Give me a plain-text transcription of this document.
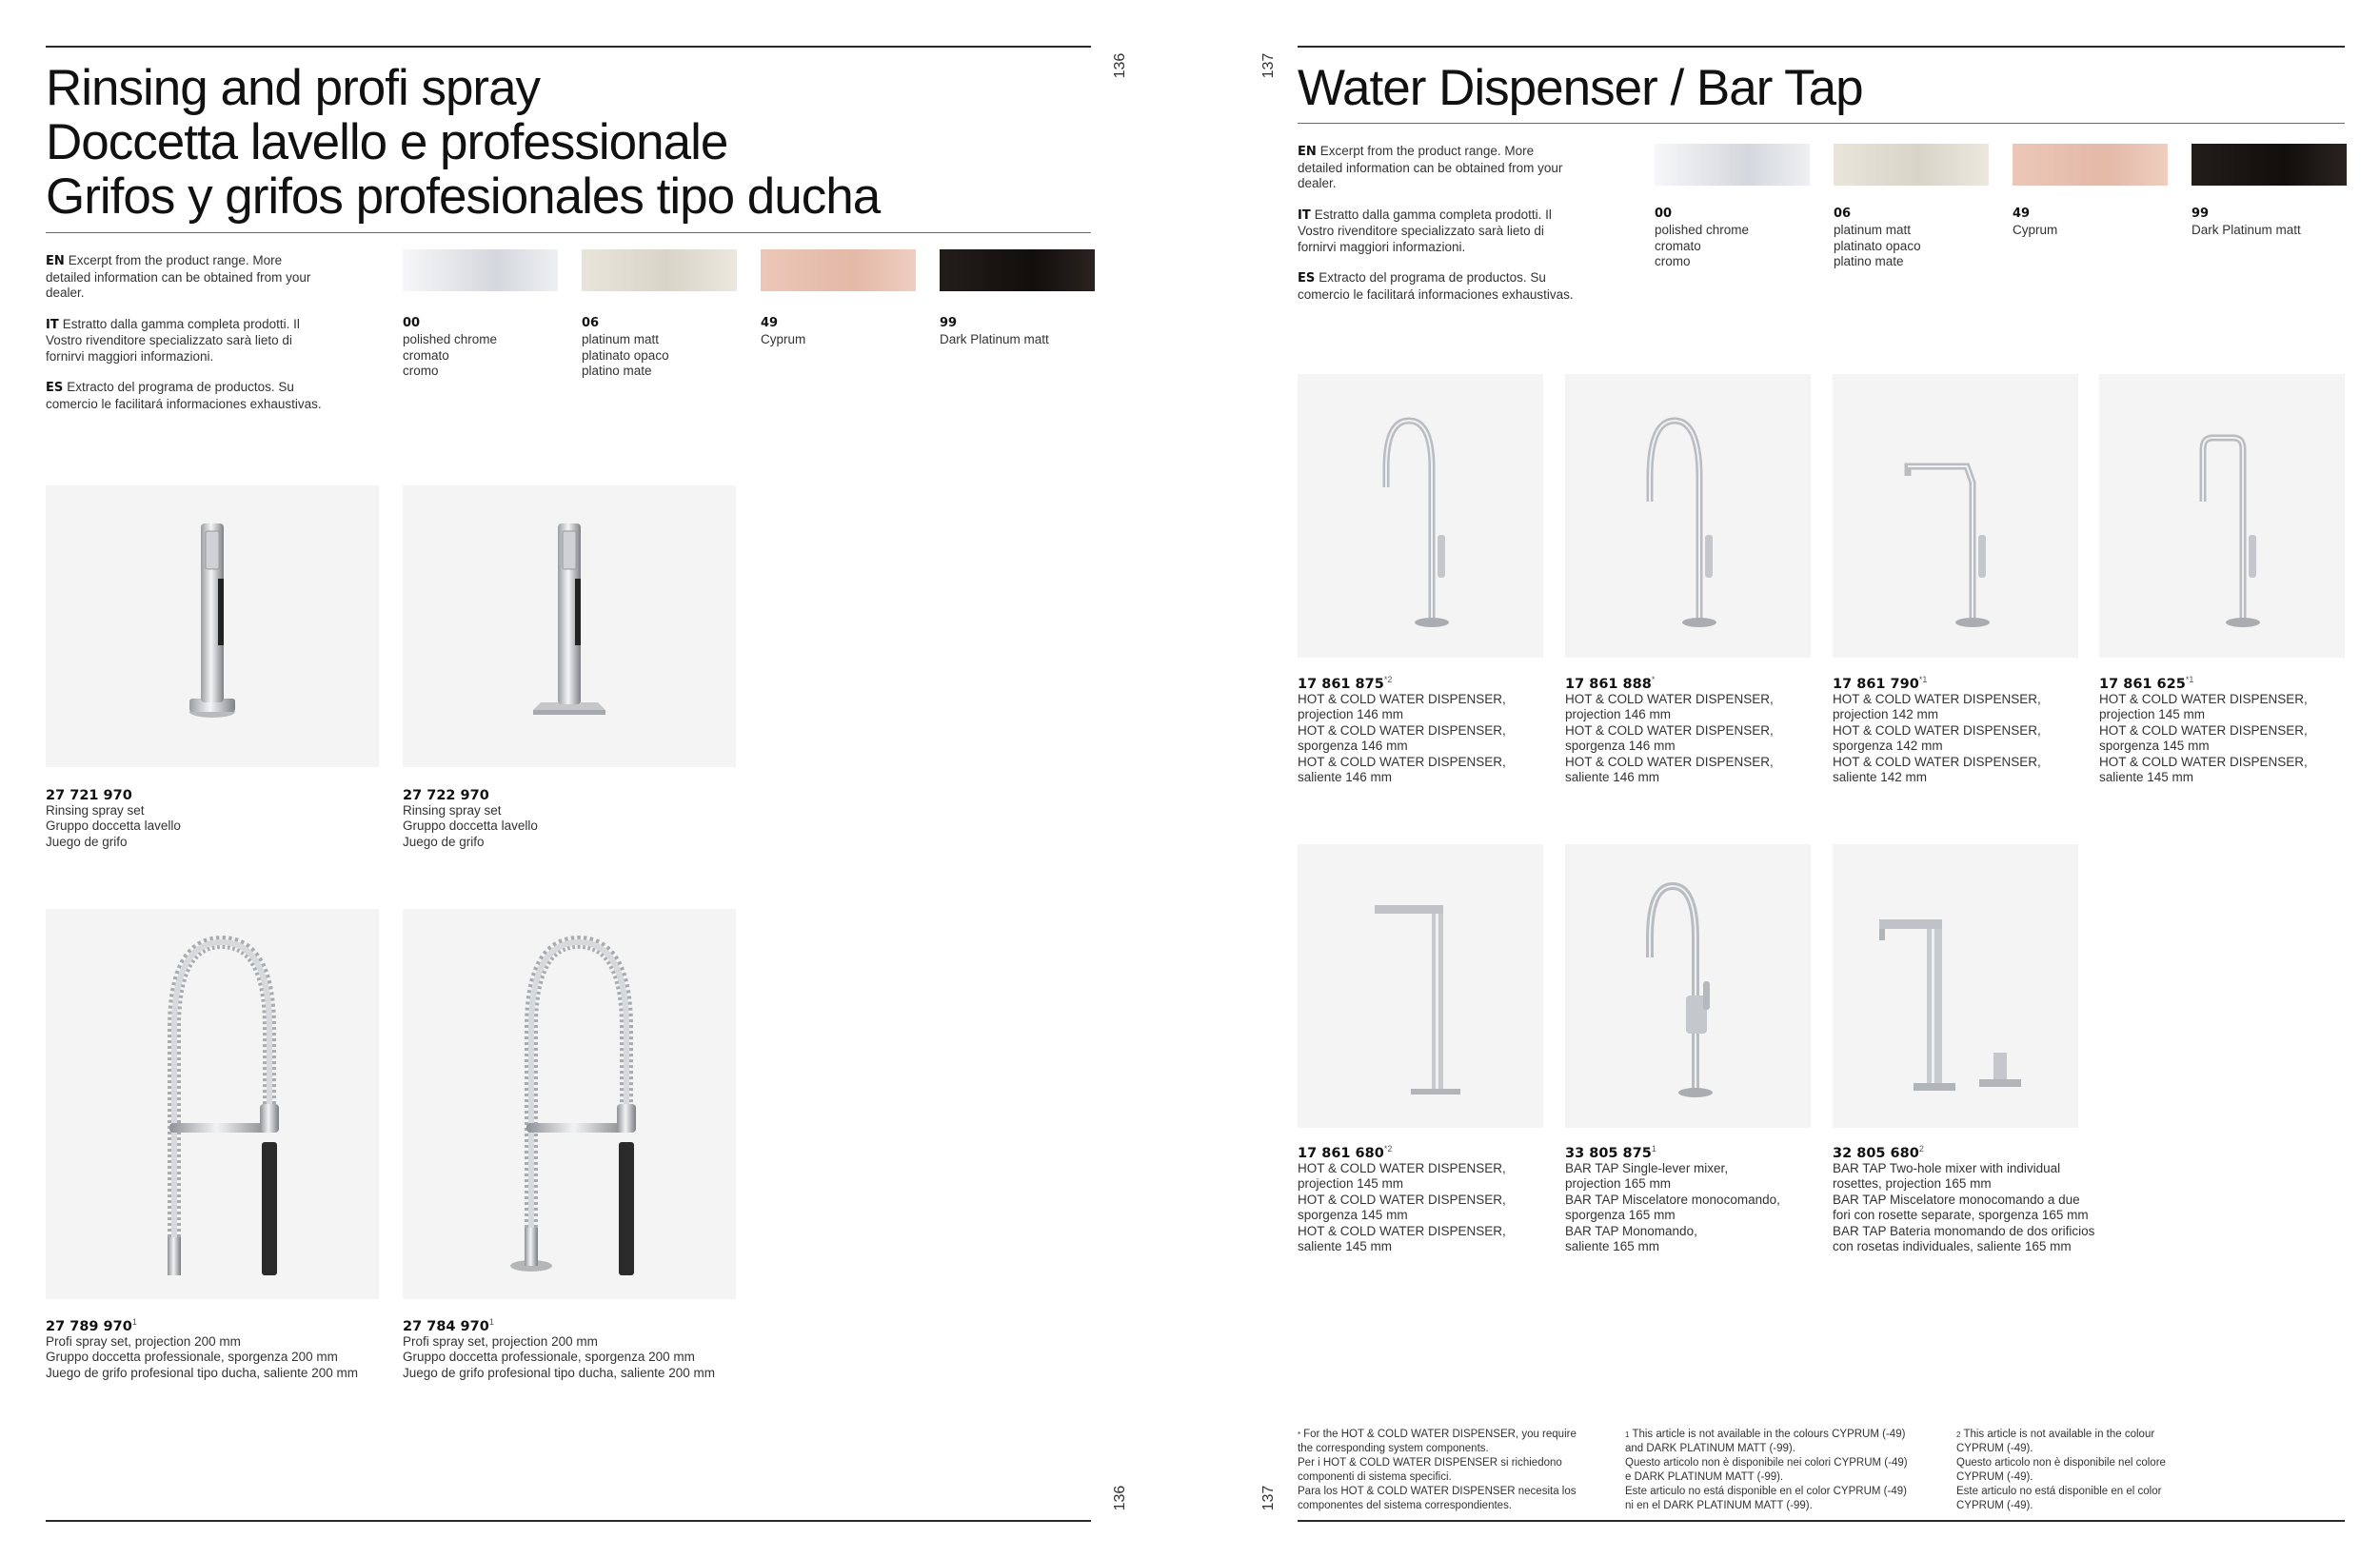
136
Rinsing and profi spray
Doccetta lavello e professionale
Grifos y grifos profesionales tipo ducha
EN Excerpt from the product range. More detailed information can be obtained from your dealer.
IT Estratto dalla gamma completa prodotti. Il Vostro rivenditore specializzato sarà lieto di fornirvi maggiori informazioni.
ES Extracto del programa de productos. Su comercio le facilitará informaciones exhaustivas.
00
polished chrome
cromato
cromo
06
platinum matt
platinato opaco
platino mate
49
Cyprum
99
Dark Platinum matt
27 721 970
Rinsing spray set
Gruppo doccetta lavello
Juego de grifo
27 722 970
Rinsing spray set
Gruppo doccetta lavello
Juego de grifo
27 789 $970^1$
Profi spray set, projection 200 mm
Gruppo doccetta professionale, sporgenza 200 mm
Juego de grifo profesional tipo ducha, saliente 200 mm
27 784 $970^1$
Profi spray set, projection 200 mm
Gruppo doccetta professionale, sporgenza 200 mm
Juego de grifo profesional tipo ducha, saliente 200 mm
136
137 Water Dispenser / Bar Tap
EN Excerpt from the product range. More detailed information can be obtained from your dealer.
IT Estratto dalla gamma completa prodotti. Il Vostro rivenditore specializzato sarà lieto di fornirvi maggiori informazioni.
ES Extracto del programa de productos. Su comercio le facilitará informaciones exhaustivas.
00
polished chrome
cromato
cromo
06
platinum matt
platinato opaco
platino mate
49
Cyprum
99
Dark Platinum matt
17 861 875$^{*2}$
HOT & COLD WATER DISPENSER,
projection 146 mm
HOT & COLD WATER DISPENSER,
sporgenza 146 mm
HOT & COLD WATER DISPENSER,
saliente 146 mm
17 861 888*
HOT & COLD WATER DISPENSER,
projection 146 mm
HOT & COLD WATER DISPENSER,
sporgenza 146 mm
HOT & COLD WATER DISPENSER,
saliente 146 mm
17 861 790$^{*1}$
HOT & COLD WATER DISPENSER,
projection 142 mm
HOT & COLD WATER DISPENSER,
sporgenza 142 mm
HOT & COLD WATER DISPENSER,
saliente 142 mm
17 861 625$^{*1}$
HOT & COLD WATER DISPENSER,
projection 145 mm
HOT & COLD WATER DISPENSER,
sporgenza 145 mm
HOT & COLD WATER DISPENSER,
saliente 145 mm
17 861 680$^{*2}$
HOT & COLD WATER DISPENSER,
projection 145 mm
HOT & COLD WATER DISPENSER,
sporgenza 145 mm
HOT & COLD WATER DISPENSER,
saliente 145 mm
33 805 $875^1$
BAR TAP Single-lever mixer,
projection 165 mm
BAR TAP Miscelatore monocomando,
sporgenza 165 mm
BAR TAP Monomando,
saliente 165 mm
32 805 $680^2$
BAR TAP Two-hole mixer with individual
rosettes, projection 165 mm
BAR TAP Miscelatore monocomando a due
fori con rosette separate, sporgenza 165 mm
BAR TAP Bateria monomando de dos orificios
con rosetas individuales, saliente 165 mm
* For the HOT & COLD WATER DISPENSER, you require
the corresponding system components.
Per i HOT & COLD WATER DISPENSER si richiedono
componenti di sistema specifici.
Para los HOT & COLD WATER DISPENSER necesita los
componentes del sistema correspondientes.
$^1$ This article is not available in the colours CYPRUM (-49)
and DARK PLATINUM MATT (-99).
Questo articolo non è disponibile nei colori CYPRUM (-49)
e DARK PLATINUM MATT (-99).
Este articulo no está disponible en el color CYPRUM (-49)
ni en el DARK PLATINUM MATT (-99).
$^2$ This article is not available in the colour
CYPRUM (-49).
Questo articolo non è disponibile nel colore
CYPRUM (-49).
Este articulo no está disponible en el color
CYPRUM (-49).
137
